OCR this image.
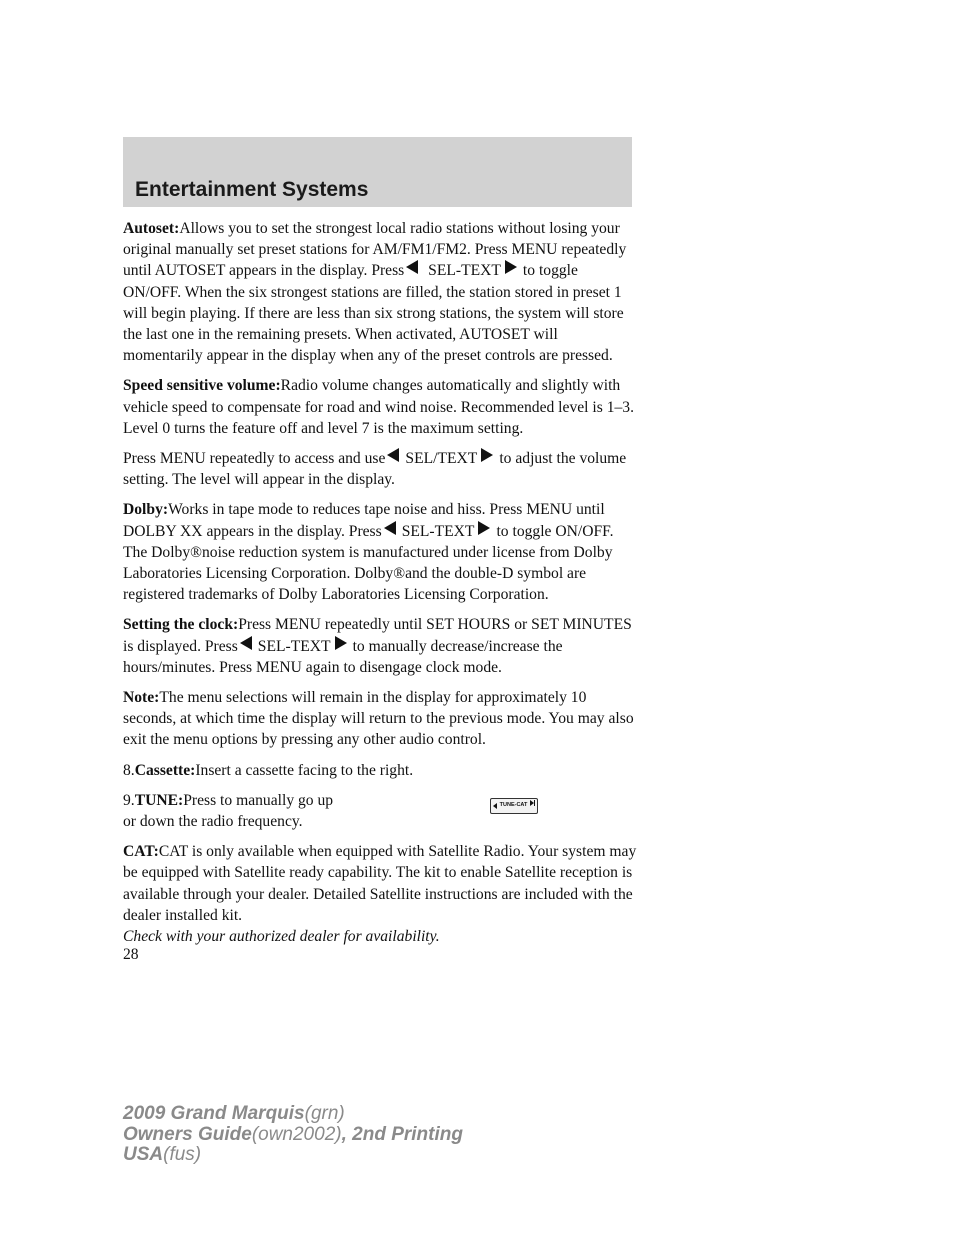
Entertainment Systems

Autoset:Allows you to set the strongest local radio stations without losing your original manually set preset stations for AM/FM1/FM2. Press MENU repeatedly until AUTOSET appears in the display. Press SEL-TEXT to toggle ON/OFF. When the six strongest stations are filled, the station stored in preset 1 will begin playing. If there are less than six strong stations, the system will store the last one in the remaining presets. When activated, AUTOSET will momentarily appear in the display when any of the preset controls are pressed.

Speed sensitive volume:Radio volume changes automatically and slightly with vehicle speed to compensate for road and wind noise. Recommended level is 1–3. Level 0 turns the feature off and level 7 is the maximum setting.

Press MENU repeatedly to access and use SEL/TEXT to adjust the volume setting. The level will appear in the display.

Dolby:Works in tape mode to reduces tape noise and hiss. Press MENU until DOLBY XX appears in the display. Press SEL-TEXT to toggle ON/OFF.

The Dolby®noise reduction system is manufactured under license from Dolby Laboratories Licensing Corporation. Dolby®and the double-D symbol are registered trademarks of Dolby Laboratories Licensing Corporation.

Setting the clock:Press MENU repeatedly until SET HOURS or SET MINUTES is displayed. Press SEL-TEXT to manually decrease/increase the hours/minutes. Press MENU again to disengage clock mode.

Note:The menu selections will remain in the display for approximately 10 seconds, at which time the display will return to the previous mode. You may also exit the menu options by pressing any other audio control.

8.Cassette:Insert a cassette facing to the right.

9.TUNE:Press to manually go up
or down the radio frequency.

TUNE-CAT

CAT:CAT is only available when equipped with Satellite Radio. Your system may be equipped with Satellite ready capability. The kit to enable Satellite reception is available through your dealer. Detailed Satellite instructions are included with the dealer installed kit.
Check with your authorized dealer for availability.

28
2009 Grand Marquis(grn)
Owners Guide(own2002), 2nd Printing
USA(fus)
